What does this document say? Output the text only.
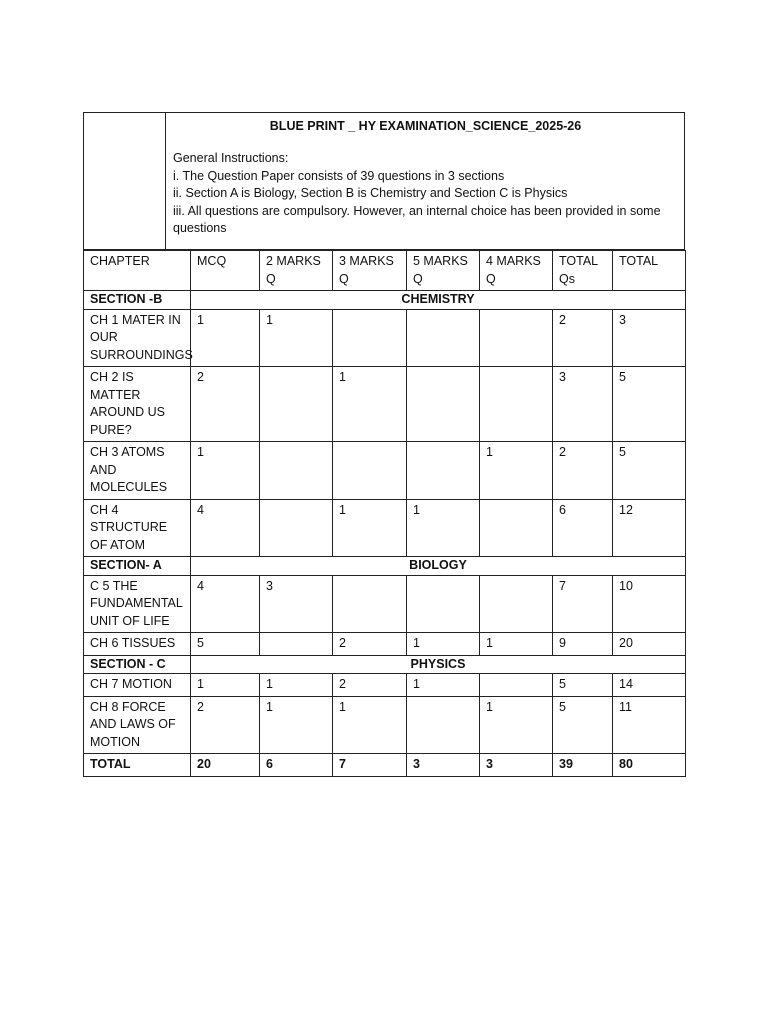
BLUE PRINT _ HY EXAMINATION_SCIENCE_2025-26
General Instructions:
i. The Question Paper consists of 39 questions in 3 sections
ii. Section A is Biology, Section B is Chemistry and Section C is Physics
iii. All questions are compulsory. However, an internal choice has been provided in some questions
CHAPTER	MCQ	2 MARKS Q	3 MARKS Q	5 MARKS Q	4 MARKS Q	TOTAL Qs	TOTAL
SECTION -B	CHEMISTRY						
CH 1 MATER IN OUR SURROUNDINGS	1	1				2	3
CH 2 IS MATTER AROUND US PURE?	2		1			3	5
CH 3 ATOMS AND MOLECULES	1				1	2	5
CH 4 STRUCTURE OF ATOM	4		1	1		6	12
SECTION- A	BIOLOGY						
C 5 THE FUNDAMENTAL UNIT OF LIFE	4	3				7	10
CH 6 TISSUES	5		2	1	1	9	20
SECTION - C	PHYSICS						
CH 7 MOTION	1	1	2	1		5	14
CH 8 FORCE AND LAWS OF MOTION	2	1	1		1	5	11
TOTAL	20	6	7	3	3	39	80
